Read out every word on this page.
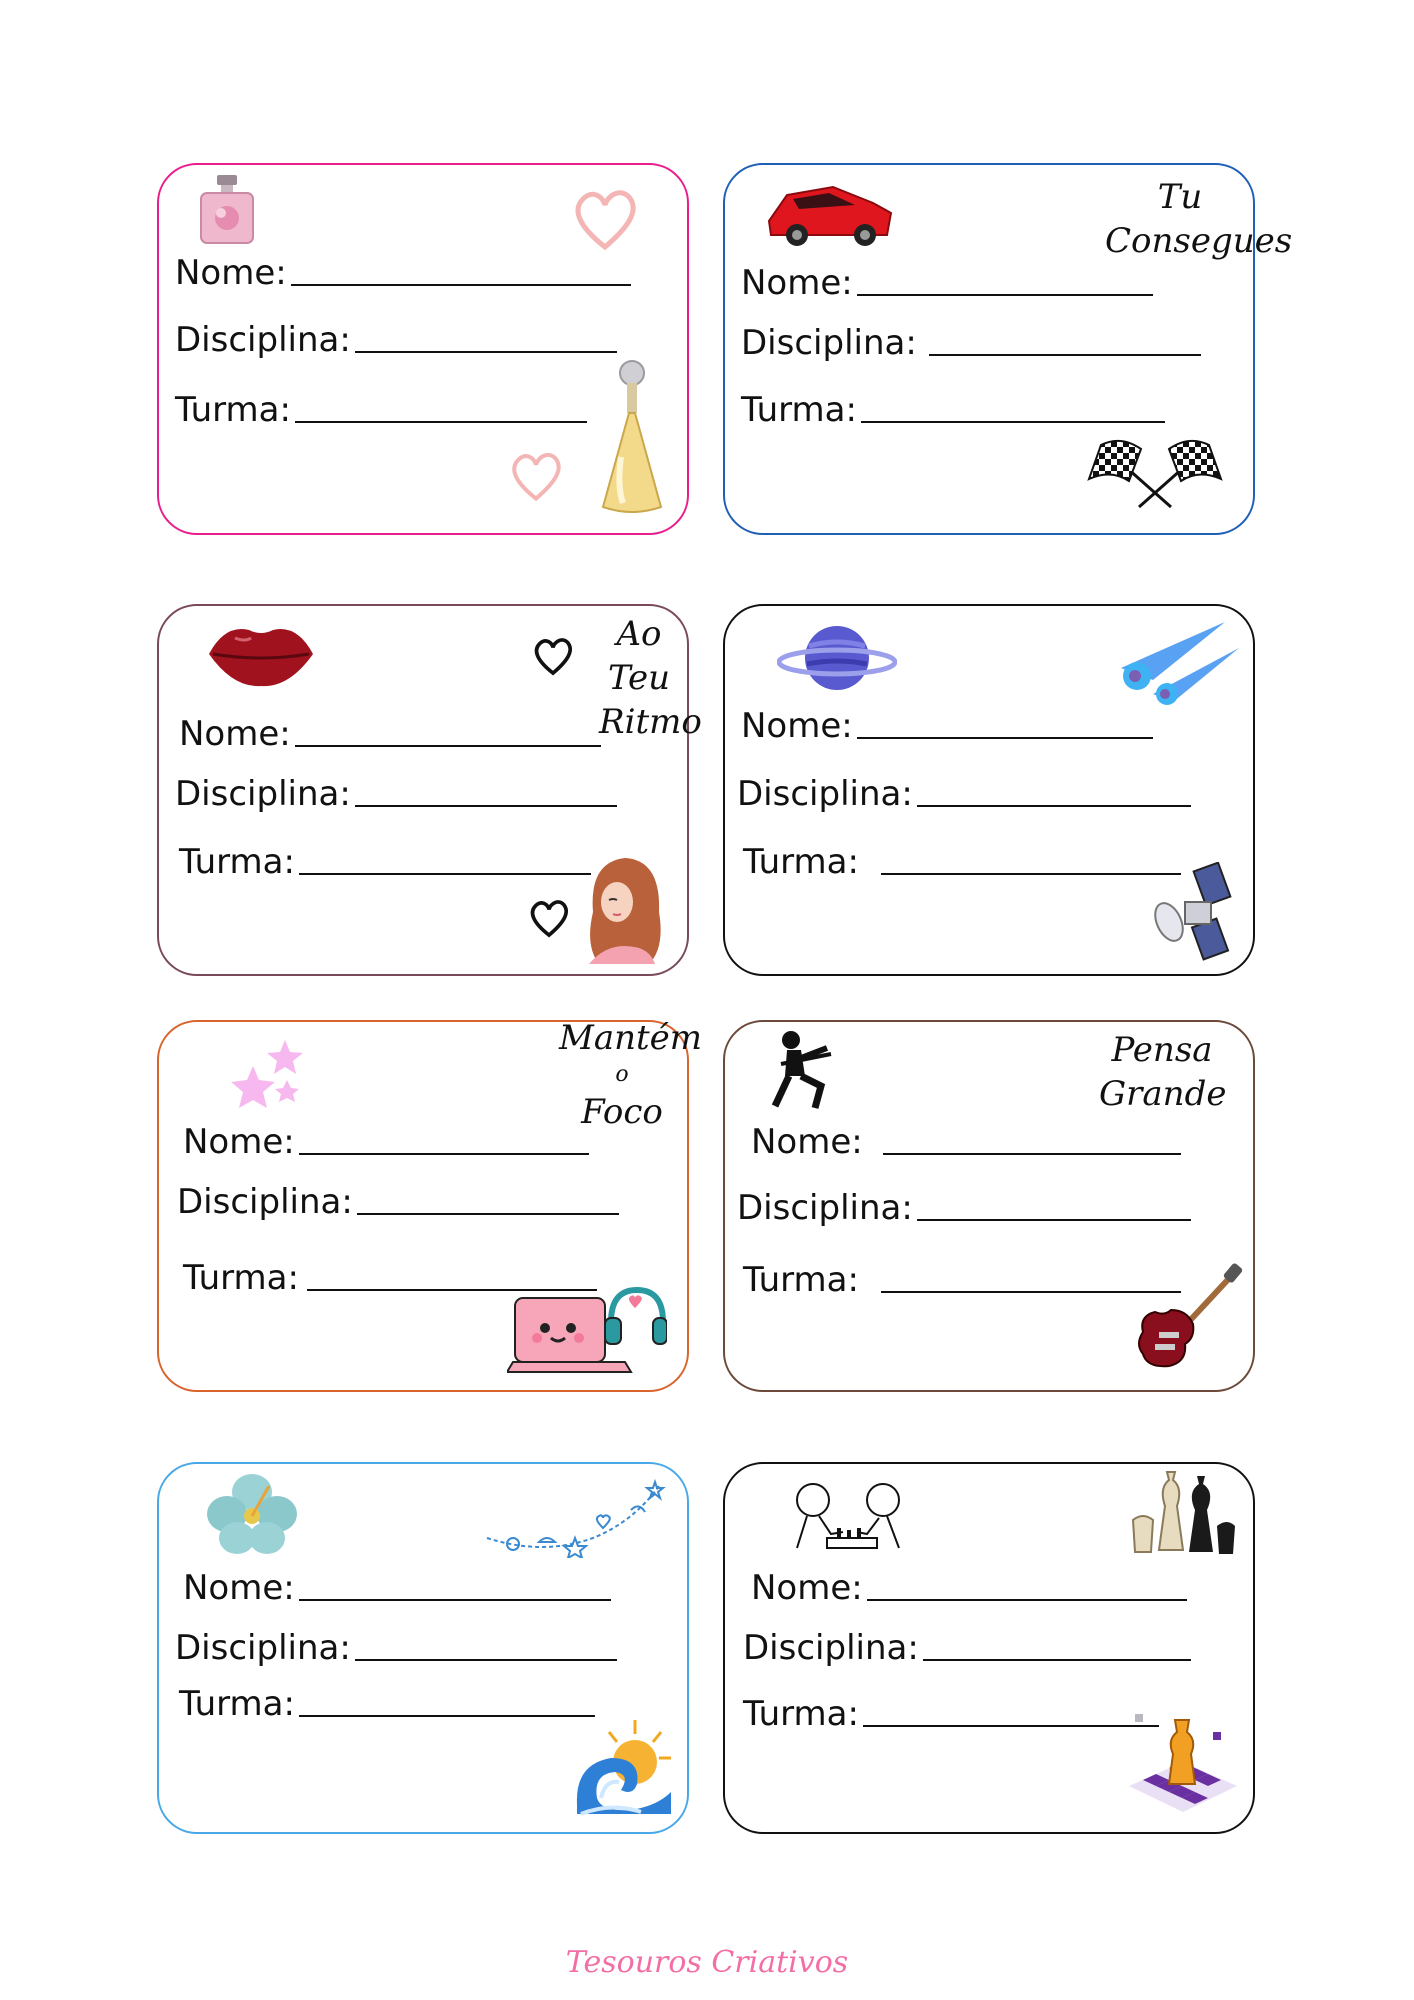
Nome:
Disciplina:
Turma:
Tu
Consegues
Nome:
Disciplina:
Turma:
Ao
Teu
Ritmo
Nome:
Disciplina:
Turma:
Nome:
Disciplina:
Turma:
Mantém
o
Foco
Nome:
Disciplina:
Turma:
Pensa
Grande
Nome:
Disciplina:
Turma:
Nome:
Disciplina:
Turma:
Nome:
Disciplina:
Turma:
Tesouros Criativos
